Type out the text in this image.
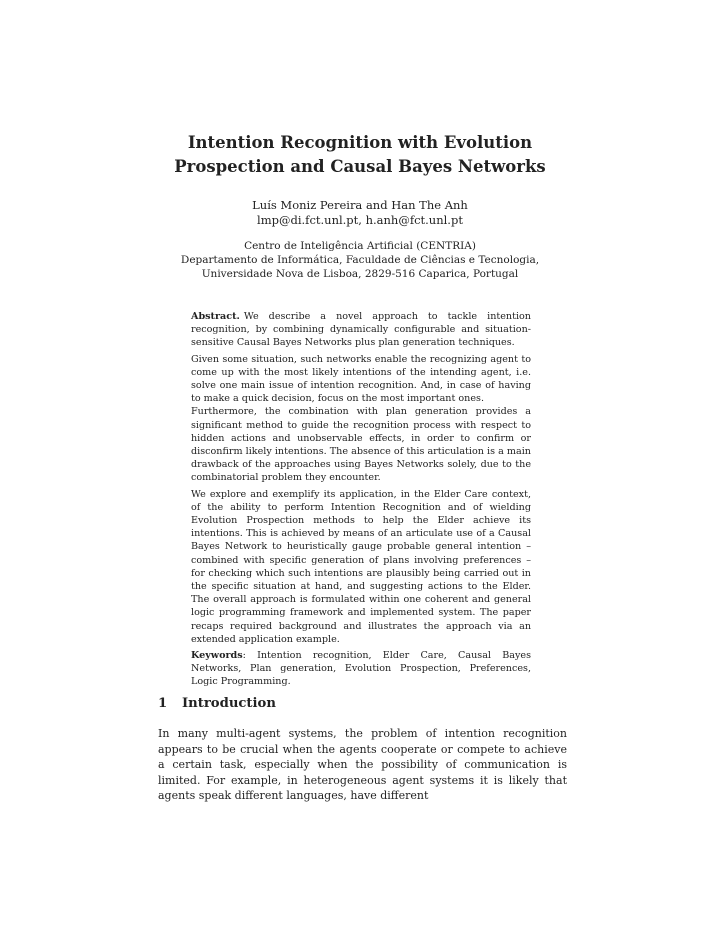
Intention Recognition with Evolution
Prospection and Causal Bayes Networks
Luís Moniz Pereira and Han The Anh
lmp@di.fct.unl.pt, h.anh@fct.unl.pt
Centro de Inteligência Artificial (CENTRIA)
Departamento de Informática, Faculdade de Ciências e Tecnologia,
Universidade Nova de Lisboa, 2829-516 Caparica, Portugal

Abstract. We describe a novel approach to tackle intention recognition, by combining dynamically configurable and situation-sensitive Causal Bayes Networks plus plan generation techniques.

Given some situation, such networks enable the recognizing agent to come up with the most likely intentions of the intending agent, i.e. solve one main issue of intention recognition. And, in case of having to make a quick decision, focus on the most important ones.

Furthermore, the combination with plan generation provides a significant method to guide the recognition process with respect to hidden actions and unobservable effects, in order to confirm or disconfirm likely intentions. The absence of this articulation is a main drawback of the approaches using Bayes Networks solely, due to the combinatorial problem they encounter.

We explore and exemplify its application, in the Elder Care context, of the ability to perform Intention Recognition and of wielding Evolution Prospection methods to help the Elder achieve its intentions. This is achieved by means of an articulate use of a Causal Bayes Network to heuristically gauge probable general intention – combined with specific generation of plans involving preferences – for checking which such intentions are plausibly being carried out in the specific situation at hand, and suggesting actions to the Elder. The overall approach is formulated within one coherent and general logic programming framework and implemented system. The paper recaps required background and illustrates the approach via an extended application example.

Keywords: Intention recognition, Elder Care, Causal Bayes Networks, Plan generation, Evolution Prospection, Preferences, Logic Programming.

1 Introduction

In many multi-agent systems, the problem of intention recognition appears to be crucial when the agents cooperate or compete to achieve a certain task, especially when the possibility of communication is limited. For example, in heterogeneous agent systems it is likely that agents speak different languages, have different
